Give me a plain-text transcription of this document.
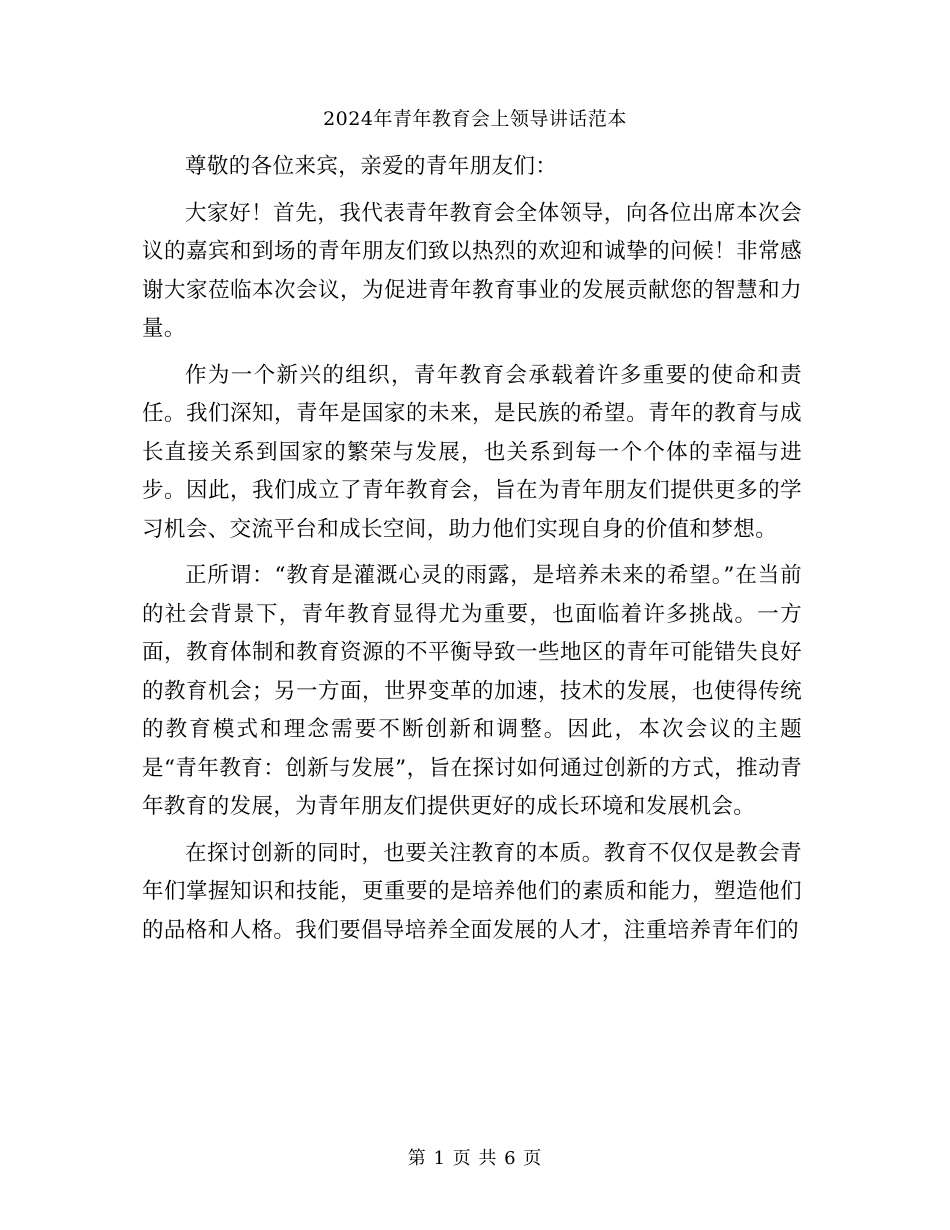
2024年青年教育会上领导讲话范本

尊敬的各位来宾，亲爱的青年朋友们：

大家好！首先，我代表青年教育会全体领导，向各位出席本次会议的嘉宾和到场的青年朋友们致以热烈的欢迎和诚挚的问候！非常感谢大家莅临本次会议，为促进青年教育事业的发展贡献您的智慧和力量。

作为一个新兴的组织，青年教育会承载着许多重要的使命和责任。我们深知，青年是国家的未来，是民族的希望。青年的教育与成长直接关系到国家的繁荣与发展，也关系到每一个个体的幸福与进步。因此，我们成立了青年教育会，旨在为青年朋友们提供更多的学习机会、交流平台和成长空间，助力他们实现自身的价值和梦想。

正所谓：“教育是灌溉心灵的雨露，是培养未来的希望。”在当前的社会背景下，青年教育显得尤为重要，也面临着许多挑战。一方面，教育体制和教育资源的不平衡导致一些地区的青年可能错失良好的教育机会；另一方面，世界变革的加速，技术的发展，也使得传统的教育模式和理念需要不断创新和调整。因此，本次会议的主题是“青年教育：创新与发展”，旨在探讨如何通过创新的方式，推动青年教育的发展，为青年朋友们提供更好的成长环境和发展机会。

在探讨创新的同时，也要关注教育的本质。教育不仅仅是教会青年们掌握知识和技能，更重要的是培养他们的素质和能力，塑造他们的品格和人格。我们要倡导培养全面发展的人才，注重培养青年们的

第 1 页 共 6 页
